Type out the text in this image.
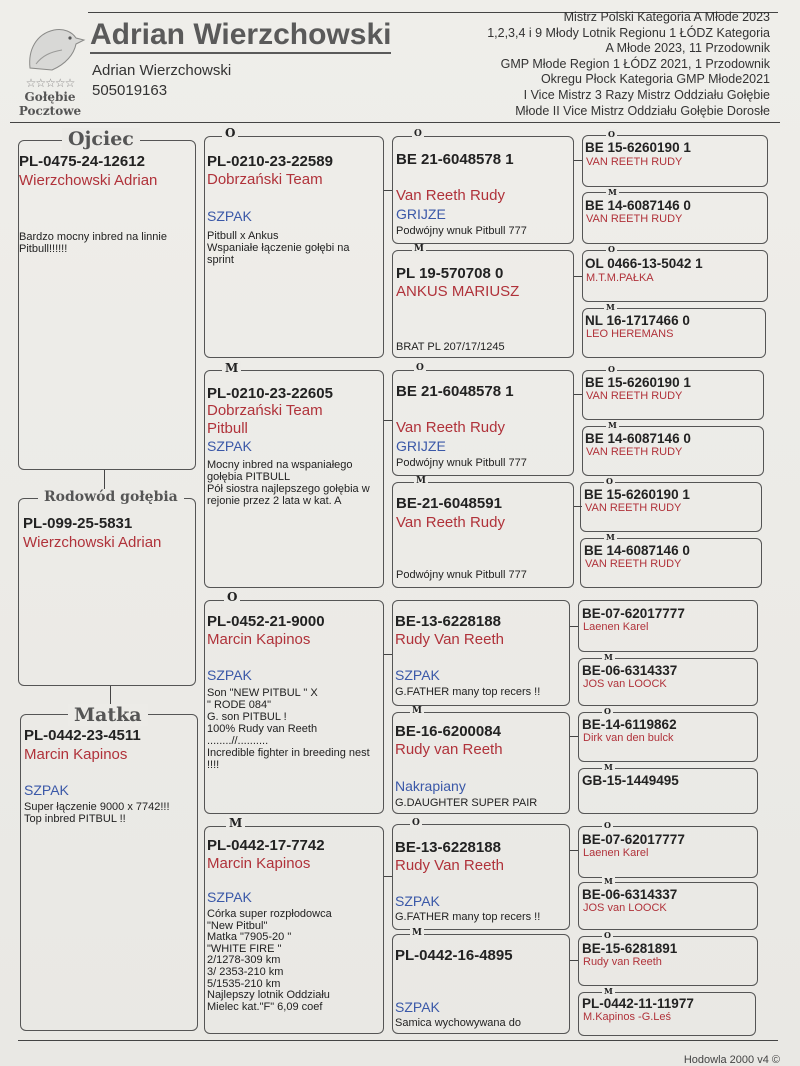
☆☆☆☆☆
Gołębie
Pocztowe
Adrian Wierzchowski
Adrian Wierzchowski
505019163
Mistrz Polski Kategoria A Młode 2023
1,2,3,4 i 9 Młody Lotnik Regionu 1 ŁÓDZ Kategoria
A Młode 2023, 11 Przodownik
GMP Młode Region 1 ŁÓDZ 2021, 1 Przodownik
Okregu Płock Kategoria GMP Młode2021
I Vice Mistrz 3 Razy Mistrz Oddziału Gołębie
Młode II Vice Mistrz Oddziału Gołębie Dorosłe
PL-0475-24-12612
Wierzchowski Adrian
Bardzo mocny inbred na linnie Pitbull!!!!!!
Ojciec
PL-099-25-5831
Wierzchowski Adrian
Rodowód gołębia
PL-0442-23-4511
Marcin Kapinos
SZPAK
Super łączenie 9000 x 7742!!!
Top inbred PITBUL !!
Matka
PL-0210-23-22589
Dobrzański Team
SZPAK
Pitbull x Ankus
Wspaniałe łączenie gołębi na sprint
O
PL-0210-23-22605
Dobrzański Team
Pitbull
SZPAK
Mocny inbred na wspaniałego gołębia PITBULL
Pół siostra najlepszego gołębia w rejonie przez 2 lata w kat. A
M
PL-0452-21-9000
Marcin Kapinos
SZPAK
Son "NEW PITBUL " X
" RODE 084"
G. son PITBUL !
100% Rudy van Reeth
........//..........
Incredible fighter in breeding nest !!!!
O
PL-0442-17-7742
Marcin Kapinos
SZPAK
Córka super rozpłodowca
"New Pitbul"
Matka "7905-20 "
"WHITE FIRE "
2/1278-309 km
3/ 2353-210 km
5/1535-210 km
Najlepszy lotnik Oddziału
Mielec kat."F" 6,09 coef
M
BE 21-6048578 1
Van Reeth Rudy
GRIJZE
Podwójny wnuk Pitbull 777
O
PL 19-570708 0
ANKUS MARIUSZ
BRAT PL 207/17/1245
M
BE 21-6048578 1
Van Reeth Rudy
GRIJZE
Podwójny wnuk Pitbull 777
O
BE-21-6048591
Van Reeth Rudy
Podwójny wnuk Pitbull 777
M
BE-13-6228188
Rudy Van Reeth
SZPAK
G.FATHER many top recers !!
BE-16-6200084
Rudy van Reeth
Nakrapiany
G.DAUGHTER SUPER PAIR
M
BE-13-6228188
Rudy Van Reeth
SZPAK
G.FATHER many top recers !!
O
PL-0442-16-4895
SZPAK
Samica wychowywana do
M
BE 15-6260190 1
VAN REETH RUDY
O
BE 14-6087146 0
VAN REETH RUDY
M
OL 0466-13-5042 1
M.T.M.PAŁKA
O
NL 16-1717466 0
LEO HEREMANS
M
BE 15-6260190 1
VAN REETH RUDY
O
BE 14-6087146 0
VAN REETH RUDY
M
BE 15-6260190 1
VAN REETH RUDY
O
BE 14-6087146 0
VAN REETH RUDY
M
BE-07-62017777
Laenen Karel
BE-06-6314337
JOS van LOOCK
M
BE-14-6119862
Dirk van den bulck
O
GB-15-1449495
M
BE-07-62017777
Laenen Karel
O
BE-06-6314337
JOS van LOOCK
M
BE-15-6281891
Rudy van Reeth
O
PL-0442-11-11977
M.Kapinos -G.Leś
M
Hodowla 2000 v4 ©
